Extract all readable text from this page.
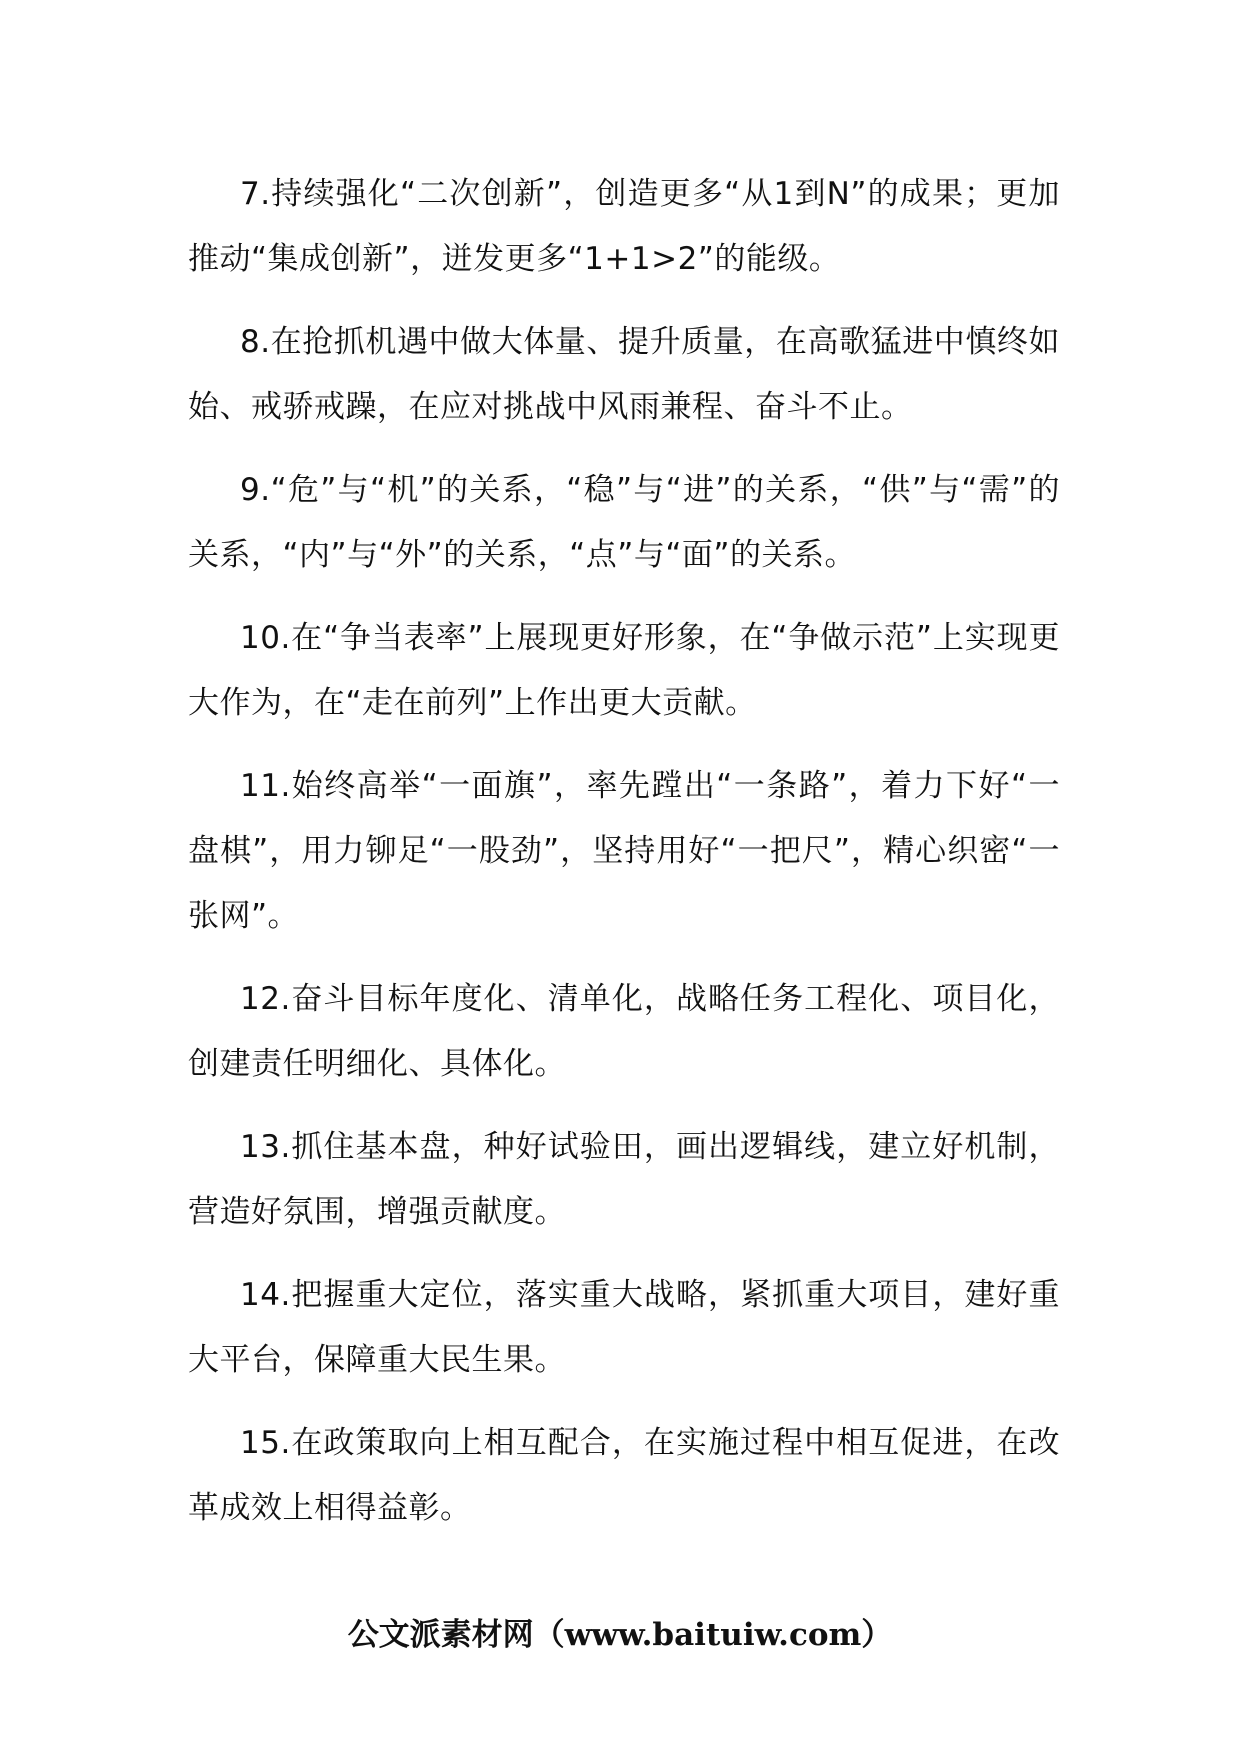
7.持续强化“二次创新”，创造更多“从1到N”的成果；更加推动“集成创新”，迸发更多“1+1>2”的能级。

8.在抢抓机遇中做大体量、提升质量，在高歌猛进中慎终如始、戒骄戒躁，在应对挑战中风雨兼程、奋斗不止。

9.“危”与“机”的关系，“稳”与“进”的关系，“供”与“需”的关系，“内”与“外”的关系，“点”与“面”的关系。

10.在“争当表率”上展现更好形象，在“争做示范”上实现更大作为，在“走在前列”上作出更大贡献。

11.始终高举“一面旗”，率先蹚出“一条路”，着力下好“一盘棋”，用力铆足“一股劲”，坚持用好“一把尺”，精心织密“一张网”。

12.奋斗目标年度化、清单化，战略任务工程化、项目化，创建责任明细化、具体化。

13.抓住基本盘，种好试验田，画出逻辑线，建立好机制，营造好氛围，增强贡献度。

14.把握重大定位，落实重大战略，紧抓重大项目，建好重大平台，保障重大民生果。

15.在政策取向上相互配合，在实施过程中相互促进，在改革成效上相得益彰。

公文派素材网（www.baituiw.com）
